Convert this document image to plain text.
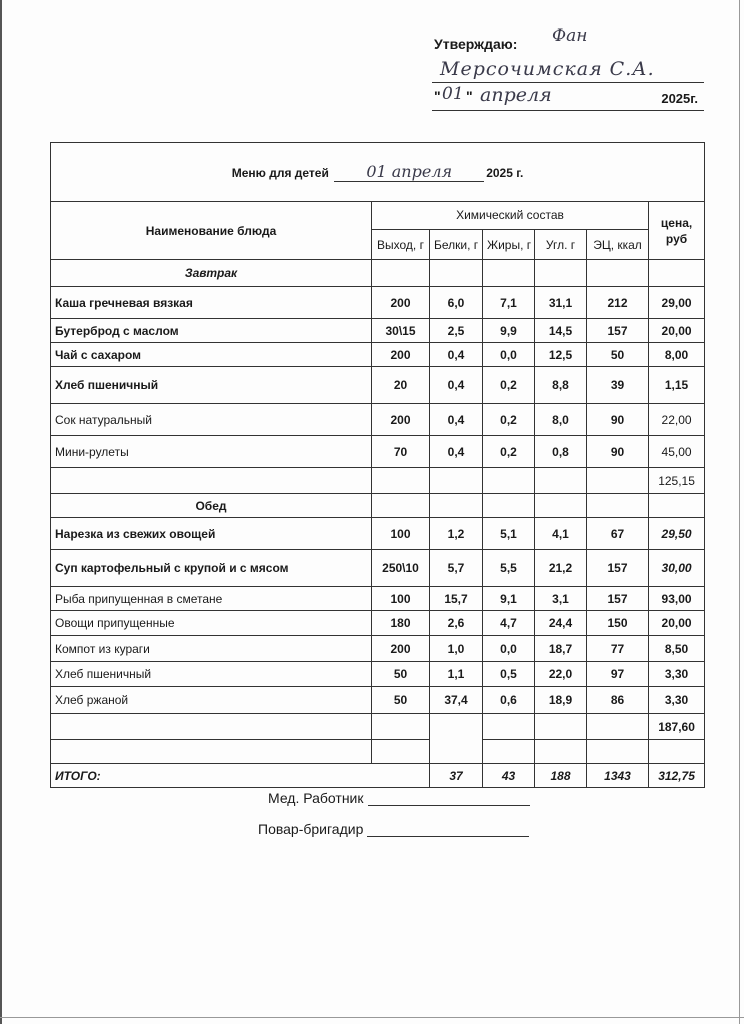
Утверждаю: Фан
Мерсочимская С.А.
" 01 " апреля	2025г.
Меню для детей 01 апреля 2025 г.						
Наименование блюда	Химический состав					цена, руб
	Выход, г	Белки, г	Жиры, г	Угл. г	ЭЦ, ккал	
Завтрак						
Каша гречневая вязкая	200	6,0	7,1	31,1	212	29,00
Бутерброд с маслом	30\15	2,5	9,9	14,5	157	20,00
Чай с сахаром	200	0,4	0,0	12,5	50	8,00
Хлеб пшеничный	20	0,4	0,2	8,8	39	1,15
Сок натуральный	200	0,4	0,2	8,0	90	22,00
Мини-рулеты	70	0,4	0,2	0,8	90	45,00
						125,15
Обед						
Нарезка из свежих овощей	100	1,2	5,1	4,1	67	29,50
Суп картофельный с крупой и с мясом	250\10	5,7	5,5	21,2	157	30,00
Рыба припущенная в сметане	100	15,7	9,1	3,1	157	93,00
Овощи припущенные	180	2,6	4,7	24,4	150	20,00
Компот из кураги	200	1,0	0,0	18,7	77	8,50
Хлеб пшеничный	50	1,1	0,5	22,0	97	3,30
Хлеб ржаной	50	37,4	0,6	18,9	86	3,30
						187,60

ИТОГО:		37	43	188	1343	312,75
Мед. Работник
Повар-бригадир
